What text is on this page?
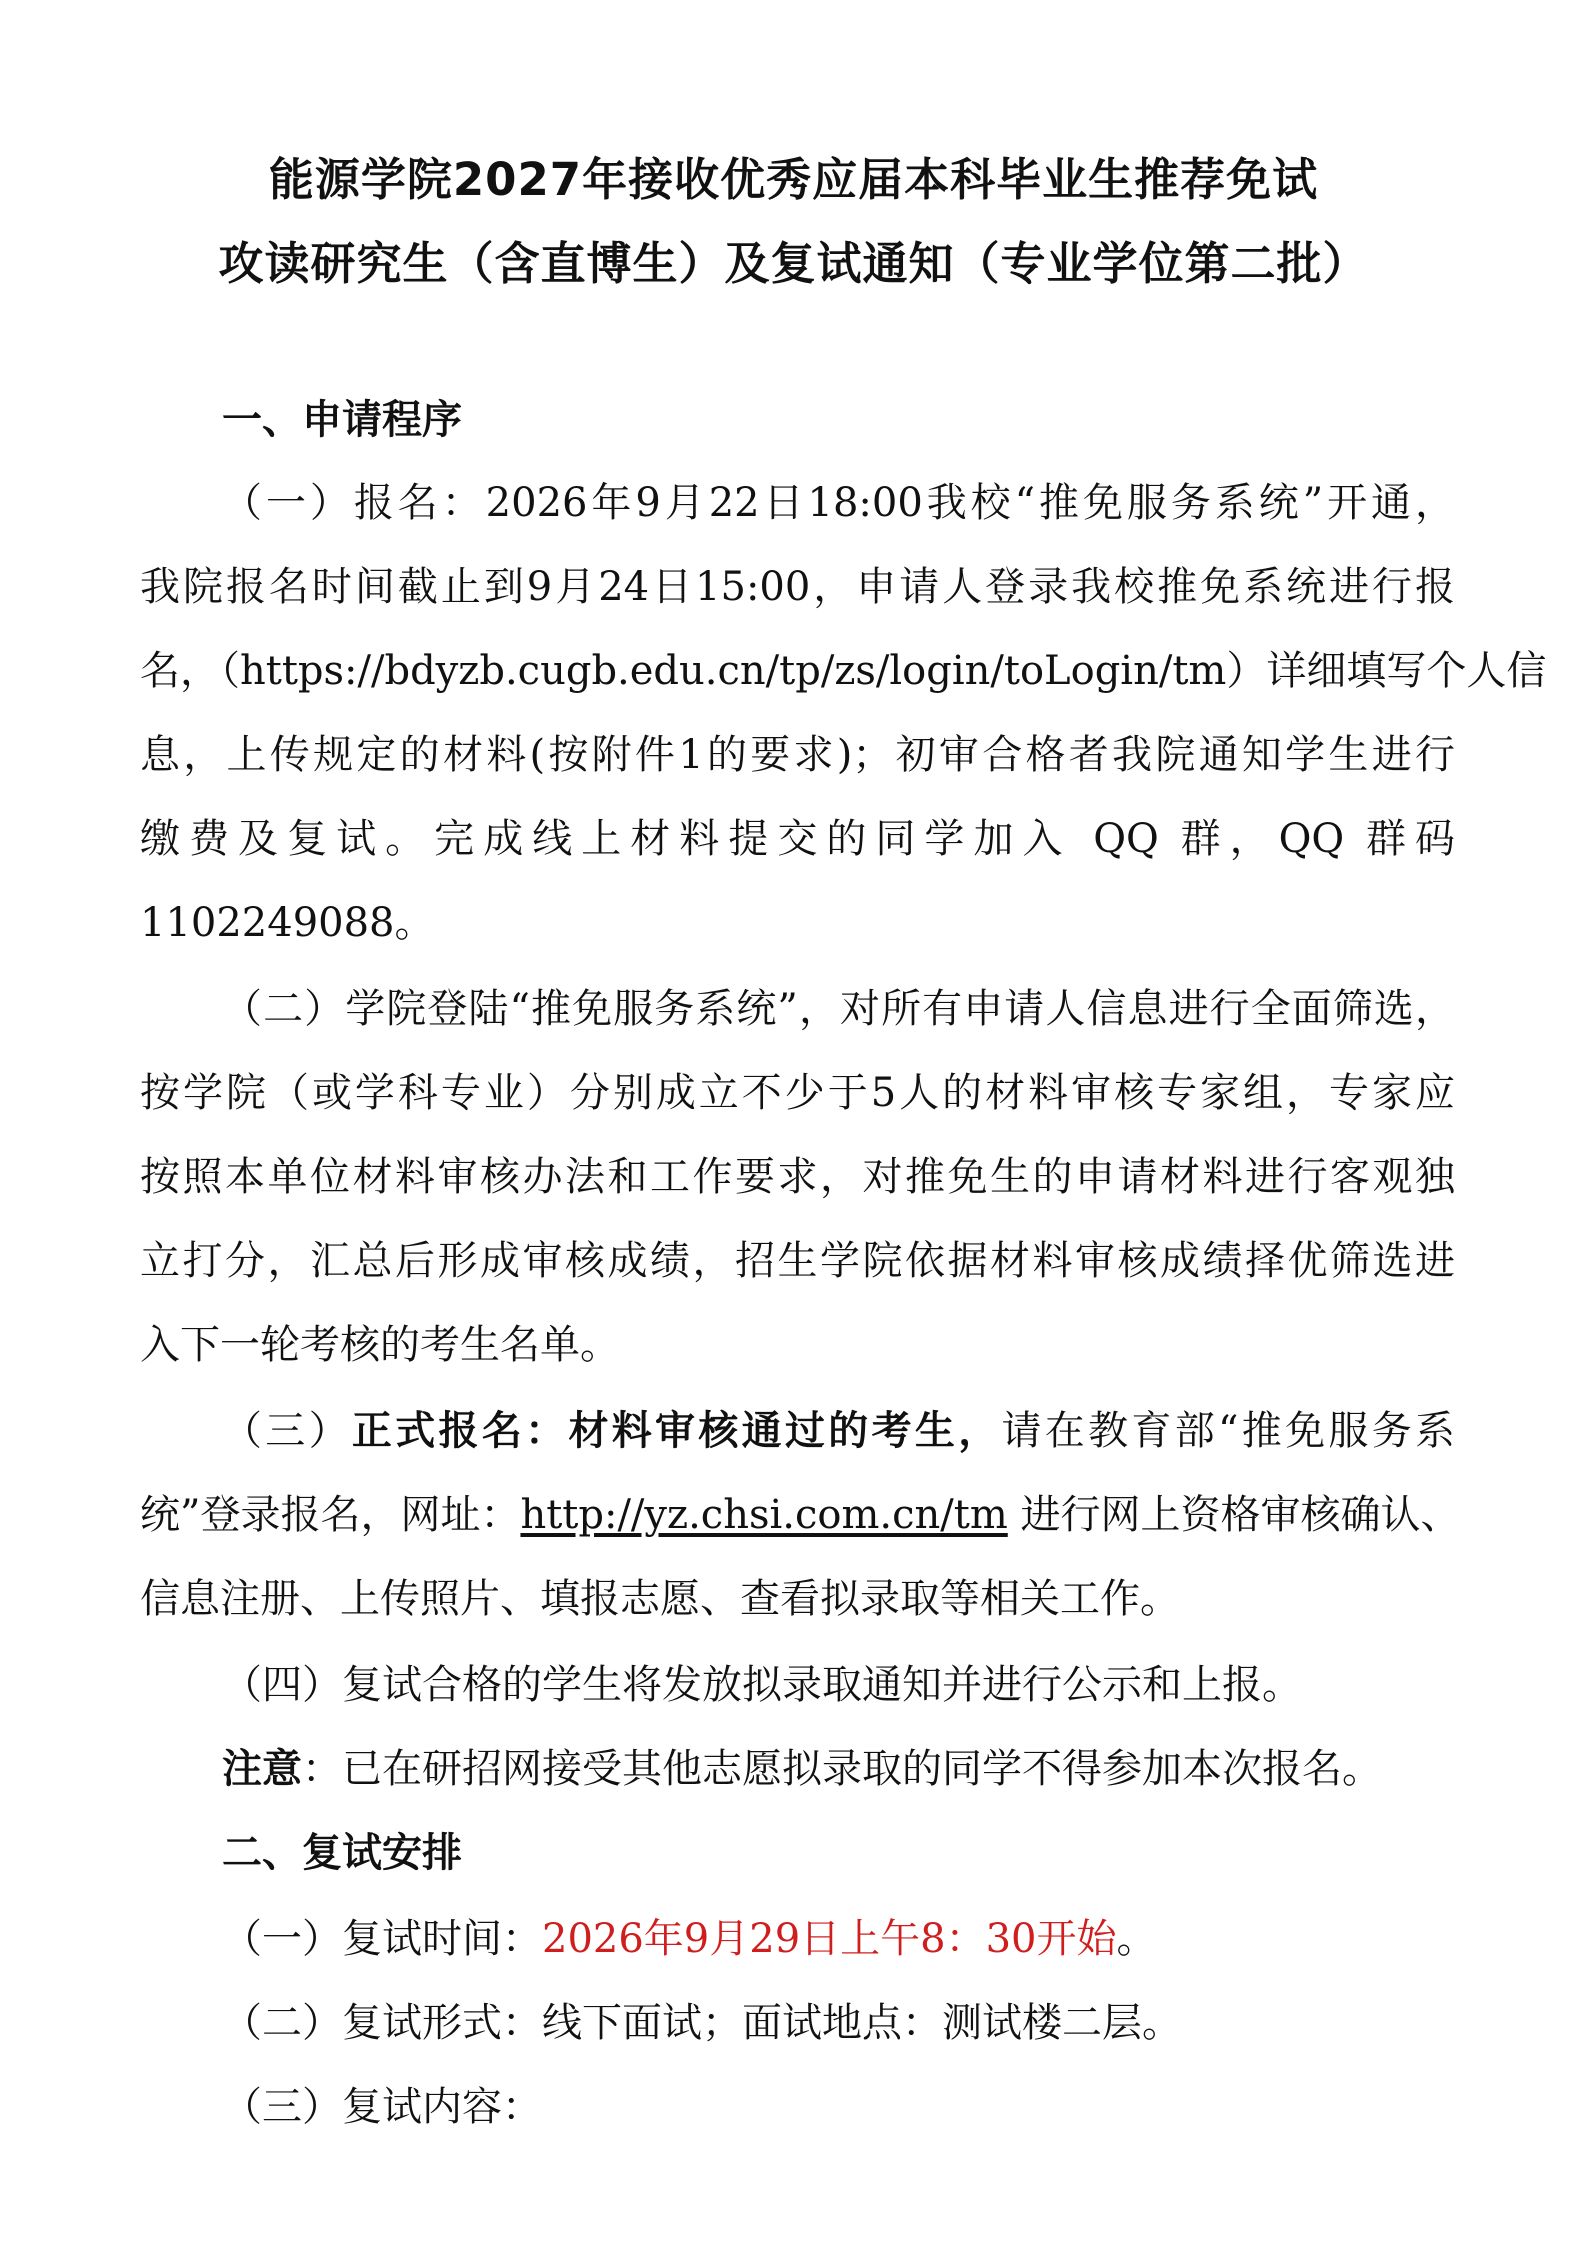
能源学院2027年接收优秀应届本科毕业生推荐免试
攻读研究生（含直博生）及复试通知（专业学位第二批）
一、申请程序
（一）报名：2026年9月22日18:00我校“推免服务系统”开通，
我院报名时间截止到9月24日15:00，申请人登录我校推免系统进行报
名，（https://bdyzb.cugb.edu.cn/tp/zs/login/toLogin/tm）详细填写个人信
息，上传规定的材料(按附件1的要求)；初审合格者我院通知学生进行
缴费及复试。完成线上材料提交的同学加入 QQ 群，QQ 群码
1102249088。
（二）学院登陆“推免服务系统”，对所有申请人信息进行全面筛选，
按学院（或学科专业）分别成立不少于5人的材料审核专家组，专家应
按照本单位材料审核办法和工作要求，对推免生的申请材料进行客观独
立打分，汇总后形成审核成绩，招生学院依据材料审核成绩择优筛选进
入下一轮考核的考生名单。
（三）正式报名：材料审核通过的考生，请在教育部“推免服务系
统”登录报名，网址：http://yz.chsi.com.cn/tm 进行网上资格审核确认、
信息注册、上传照片、填报志愿、查看拟录取等相关工作。
（四）复试合格的学生将发放拟录取通知并进行公示和上报。
注意：已在研招网接受其他志愿拟录取的同学不得参加本次报名。
二、复试安排
（一）复试时间：2026年9月29日上午8：30开始。
（二）复试形式：线下面试；面试地点：测试楼二层。
（三）复试内容：
